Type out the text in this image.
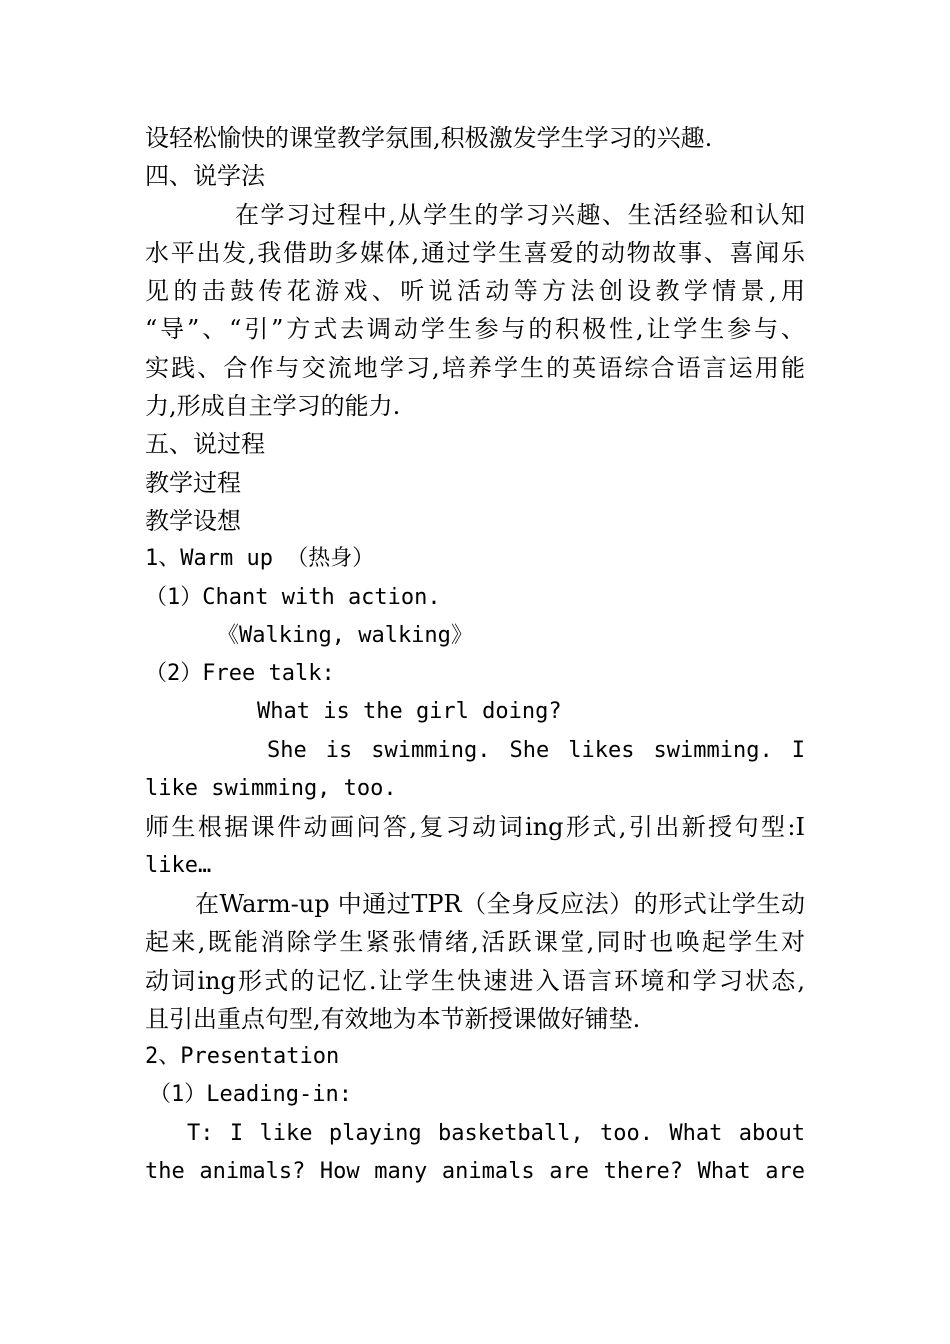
设轻松愉快的课堂教学氛围,积极激发学生学习的兴趣.
四、说学法
在学习过程中,从学生的学习兴趣、生活经验和认知
水平出发,我借助多媒体,通过学生喜爱的动物故事、喜闻乐
见的击鼓传花游戏、听说活动等方法创设教学情景,用
“导”、“引”方式去调动学生参与的积极性,让学生参与、
实践、合作与交流地学习,培养学生的英语综合语言运用能
力,形成自主学习的能力.
五、说过程
教学过程
教学设想
1、Warm up （热身）
（1）Chant with action.
《Walking, walking》
（2）Free talk:
What is the girl doing?
She is swimming. She likes swimming. I
like swimming, too.
师生根据课件动画问答,复习动词ing形式,引出新授句型:I
like…
在Warm-up 中通过TPR（全身反应法）的形式让学生动
起来,既能消除学生紧张情绪,活跃课堂,同时也唤起学生对
动词ing形式的记忆.让学生快速进入语言环境和学习状态,
且引出重点句型,有效地为本节新授课做好铺垫.
2、Presentation
（1）Leading-in:
T: I like playing basketball, too. What about
the animals? How many animals are there? What are
